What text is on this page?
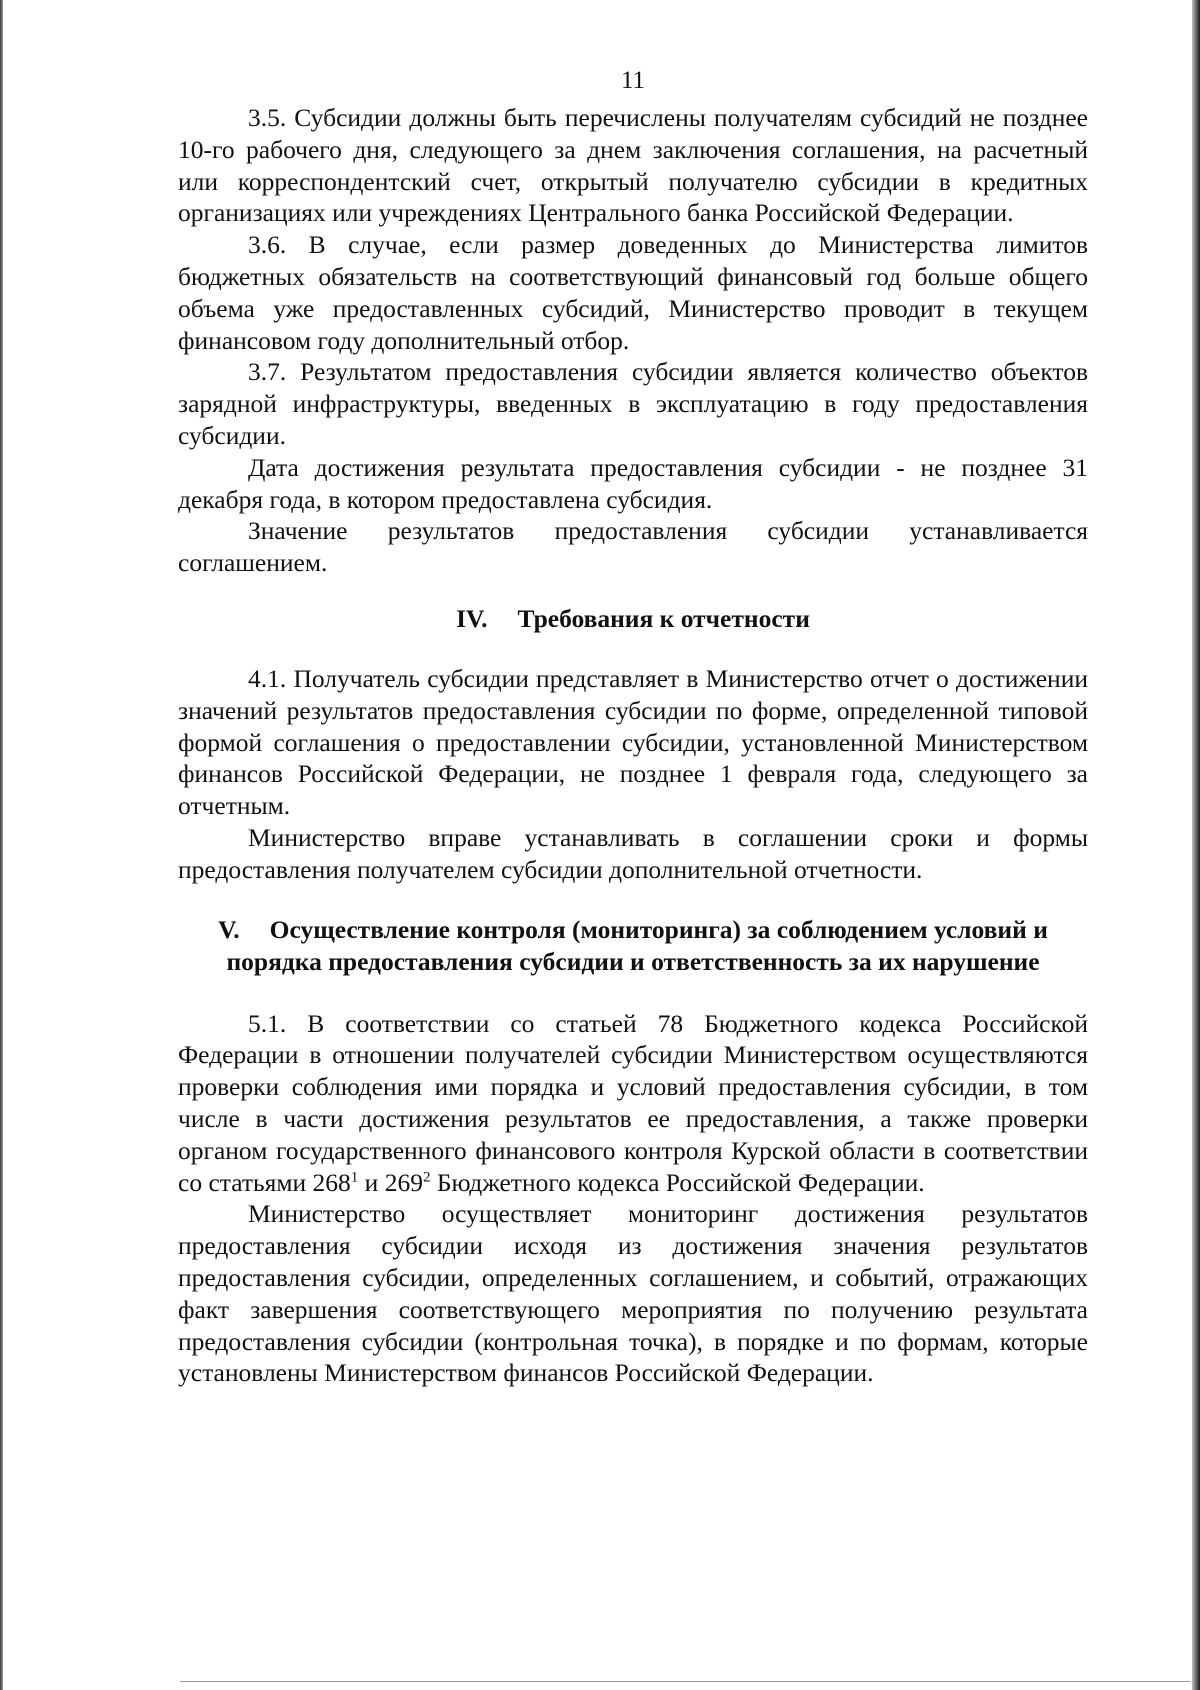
11

3.5. Субсидии должны быть перечислены получателям субсидий не позднее 10-го рабочего дня, следующего за днем заключения соглашения, на расчетный или корреспондентский счет, открытый получателю субсидии в кредитных организациях или учреждениях Центрального банка Российской Федерации.

3.6. В случае, если размер доведенных до Министерства лимитов бюджетных обязательств на соответствующий финансовый год больше общего объема уже предоставленных субсидий, Министерство проводит в текущем финансовом году дополнительный отбор.

3.7. Результатом предоставления субсидии является количество объектов зарядной инфраструктуры, введенных в эксплуатацию в году предоставления субсидии.

Дата достижения результата предоставления субсидии - не позднее 31 декабря года, в котором предоставлена субсидия.

Значение результатов предоставления субсидии устанавливается соглашением.

IV. Требования к отчетности

4.1. Получатель субсидии представляет в Министерство отчет о достижении значений результатов предоставления субсидии по форме, определенной типовой формой соглашения о предоставлении субсидии, установленной Министерством финансов Российской Федерации, не позднее 1 февраля года, следующего за отчетным.

Министерство вправе устанавливать в соглашении сроки и формы предоставления получателем субсидии дополнительной отчетности.

V. Осуществление контроля (мониторинга) за соблюдением условий и порядка предоставления субсидии и ответственность за их нарушение

5.1. В соответствии со статьей 78 Бюджетного кодекса Российской Федерации в отношении получателей субсидии Министерством осуществляются проверки соблюдения ими порядка и условий предоставления субсидии, в том числе в части достижения результатов ее предоставления, а также проверки органом государственного финансового контроля Курской области в соответствии со статьями $268^1$ и $269^2$ Бюджетного кодекса Российской Федерации.

Министерство осуществляет мониторинг достижения результатов предоставления субсидии исходя из достижения значения результатов предоставления субсидии, определенных соглашением, и событий, отражающих факт завершения соответствующего мероприятия по получению результата предоставления субсидии (контрольная точка), в порядке и по формам, которые установлены Министерством финансов Российской Федерации.
